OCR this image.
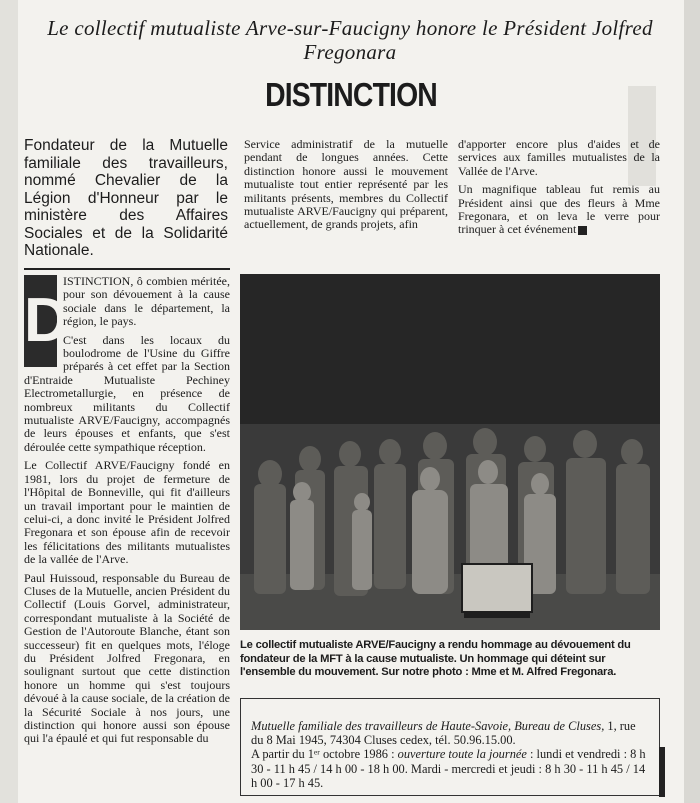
Le collectif mutualiste Arve-sur-Faucigny honore le Président Jolfred Fregonara
DISTINCTION
Fondateur de la Mutuelle familiale des travailleurs, nommé Chevalier de la Légion d'Honneur par le ministère des Affaires Sociales et de la Solidarité Nationale.
D

ISTINCTION, ô combien méritée, pour son dévouement à la cause sociale dans le département, la région, le pays.

C'est dans les locaux du boulodrome de l'Usine du Giffre préparés à cet effet par la Section d'Entraide Mutualiste Pechiney Electrometallurgie, en présence de nombreux militants du Collectif mutualiste ARVE/Faucigny, accompagnés de leurs épouses et enfants, que s'est déroulée cette sympathique réception.

Le Collectif ARVE/Faucigny fondé en 1981, lors du projet de fermeture de l'Hôpital de Bonneville, qui fit d'ailleurs un travail important pour le maintien de celui-ci, a donc invité le Président Jolfred Fregonara et son épouse afin de recevoir les félicitations des militants mutualistes de la vallée de l'Arve.

Paul Huissoud, responsable du Bureau de Cluses de la Mutuelle, ancien Président du Collectif (Louis Gorvel, administrateur, correspondant mutualiste à la Société de Gestion de l'Autoroute Blanche, étant son successeur) fit en quelques mots, l'éloge du Président Jolfred Fregonara, en soulignant surtout que cette distinction honore un homme qui s'est toujours dévoué à la cause sociale, de la création de la Sécurité Sociale à nos jours, une distinction qui honore aussi son épouse qui l'a épaulé et qui fut responsable du

Service administratif de la mutuelle pendant de longues années. Cette distinction honore aussi le mouvement mutualiste tout entier représenté par les militants présents, membres du Collectif mutualiste ARVE/Faucigny qui préparent, actuellement, de grands projets, afin

d'apporter encore plus d'aides et de services aux familles mutualistes de la Vallée de l'Arve.

Un magnifique tableau fut remis au Président ainsi que des fleurs à Mme Fregonara, et on leva le verre pour trinquer à cet événement

Le collectif mutualiste ARVE/Faucigny a rendu hommage au dévouement du fondateur de la MFT à la cause mutualiste. Un hommage qui déteint sur l'ensemble du mouvement. Sur notre photo : Mme et M. Alfred Fregonara.
Mutuelle familiale des travailleurs de Haute-Savoie, Bureau de Cluses, 1, rue du 8 Mai 1945, 74304 Cluses cedex, tél. 50.96.15.00.
A partir du 1ᵉʳ octobre 1986 : ouverture toute la journée : lundi et vendredi : 8 h 30 - 11 h 45 / 14 h 00 - 18 h 00. Mardi - mercredi et jeudi : 8 h 30 - 11 h 45 / 14 h 00 - 17 h 45.
